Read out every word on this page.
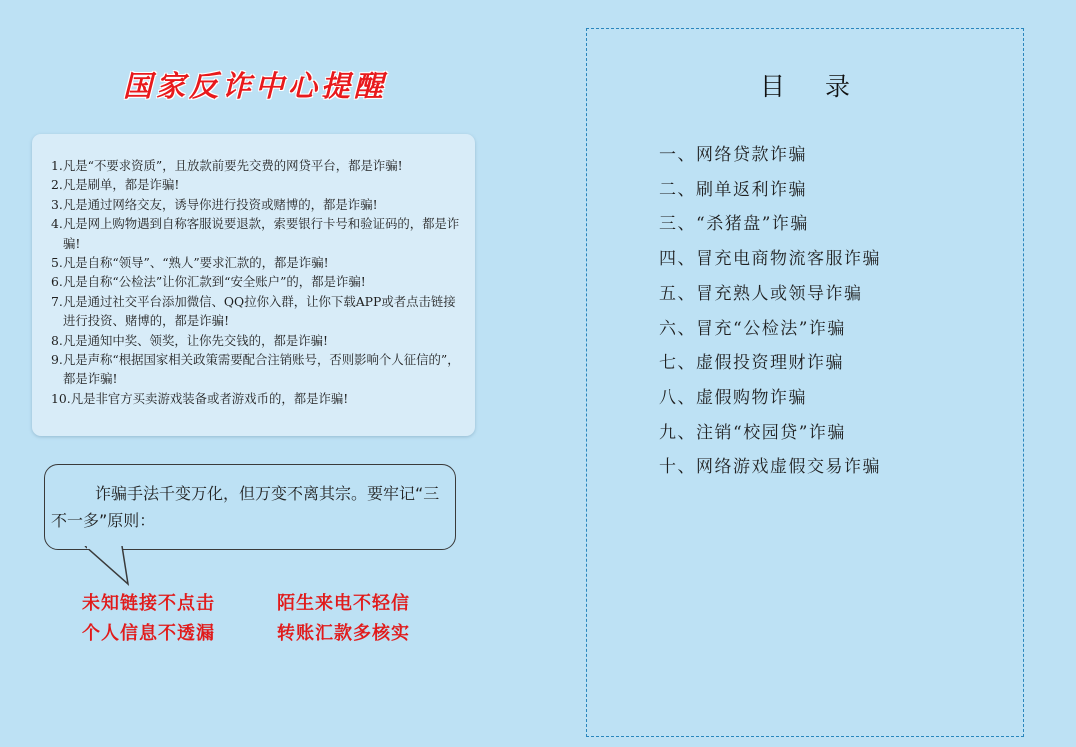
国家反诈中心提醒
1.凡是“不要求资质”，且放款前要先交费的网贷平台，都是诈骗!
2.凡是刷单，都是诈骗!
3.凡是通过网络交友，诱导你进行投资或赌博的，都是诈骗!
4.凡是网上购物遇到自称客服说要退款，索要银行卡号和验证码的，都是诈骗!
5.凡是自称“领导”、“熟人”要求汇款的，都是诈骗!
6.凡是自称“公检法”让你汇款到“安全账户”的，都是诈骗!
7.凡是通过社交平台添加微信、QQ拉你入群，让你下载APP或者点击链接进行投资、赌博的，都是诈骗!
8.凡是通知中奖、领奖，让你先交钱的，都是诈骗!
9.凡是声称“根据国家相关政策需要配合注销账号，否则影响个人征信的”，都是诈骗!
10.凡是非官方买卖游戏装备或者游戏币的，都是诈骗!
诈骗手法千变万化，但万变不离其宗。要牢记“三不一多”原则：
未知链接不点击	陌生来电不轻信
个人信息不透漏	转账汇款多核实
目录
一、网络贷款诈骗
二、刷单返利诈骗
三、“杀猪盘”诈骗
四、冒充电商物流客服诈骗
五、冒充熟人或领导诈骗
六、冒充“公检法”诈骗
七、虚假投资理财诈骗
八、虚假购物诈骗
九、注销“校园贷”诈骗
十、网络游戏虚假交易诈骗
